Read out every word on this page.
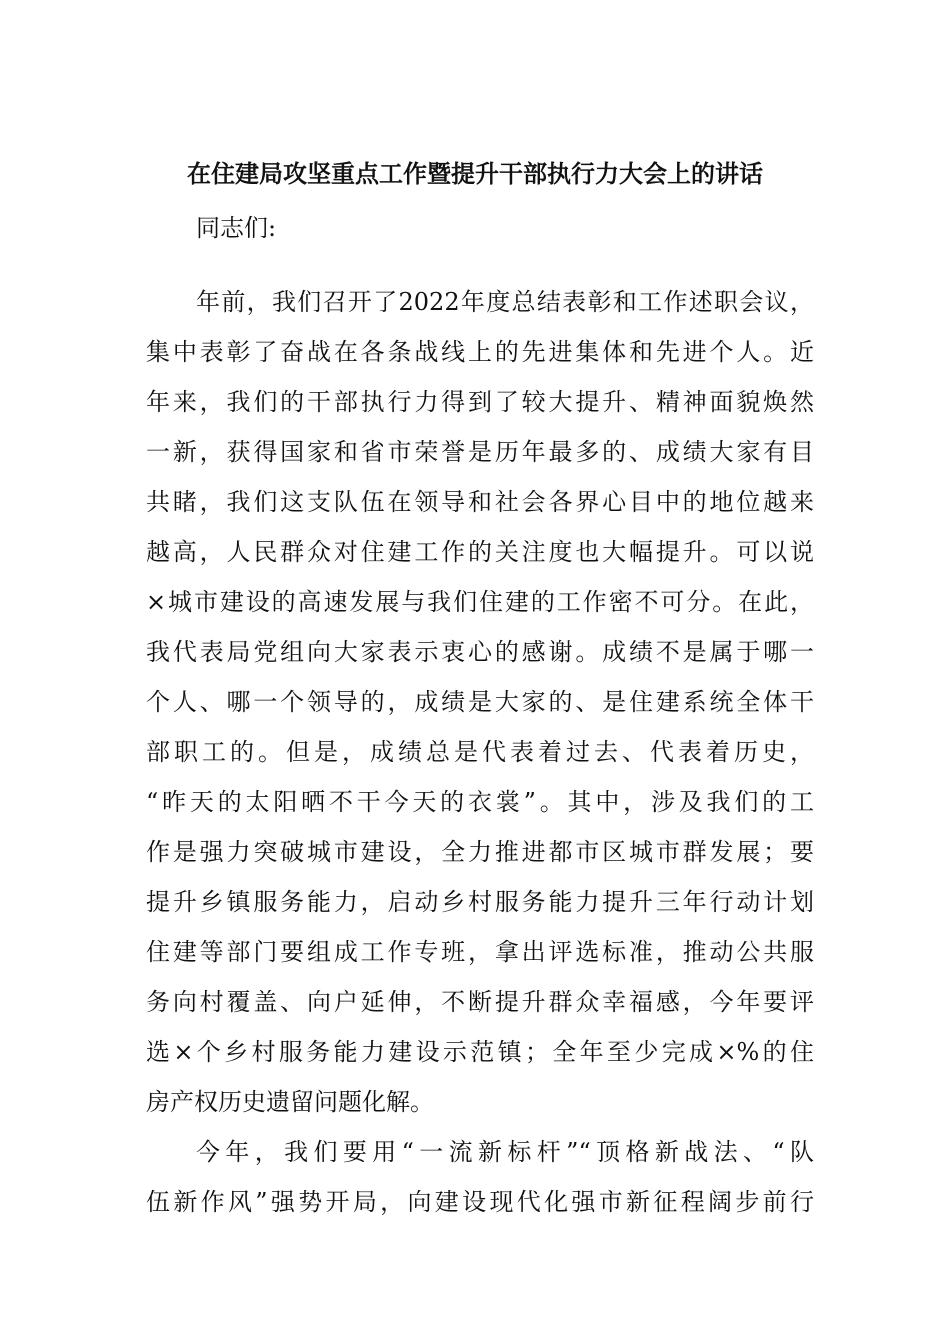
在住建局攻坚重点工作暨提升干部执行力大会上的讲话

同志们:

年前，我们召开了2022年度总结表彰和工作述职会议，

集中表彰了奋战在各条战线上的先进集体和先进个人。近

年来，我们的干部执行力得到了较大提升、精神面貌焕然

一新，获得国家和省市荣誉是历年最多的、成绩大家有目

共睹，我们这支队伍在领导和社会各界心目中的地位越来

越高，人民群众对住建工作的关注度也大幅提升。可以说

×城市建设的高速发展与我们住建的工作密不可分。在此，

我代表局党组向大家表示衷心的感谢。成绩不是属于哪一

个人、哪一个领导的，成绩是大家的、是住建系统全体干

部职工的。但是，成绩总是代表着过去、代表着历史，

“昨天的太阳晒不干今天的衣裳”。其中，涉及我们的工

作是强力突破城市建设，全力推进都市区城市群发展；要

提升乡镇服务能力，启动乡村服务能力提升三年行动计划

住建等部门要组成工作专班，拿出评选标准，推动公共服

务向村覆盖、向户延伸，不断提升群众幸福感，今年要评

选×个乡村服务能力建设示范镇；全年至少完成×%的住

房产权历史遗留问题化解。

今年，我们要用“一流新标杆”“顶格新战法、“队

伍新作风”强势开局，向建设现代化强市新征程阔步前行
